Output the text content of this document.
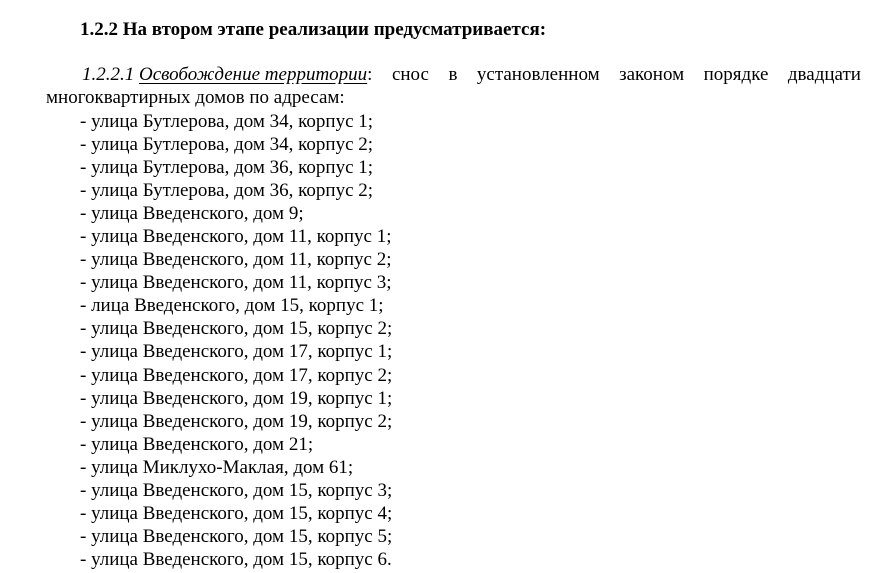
1.2.2 На втором этапе реализации предусматривается:
1.2.2.1 Освобождение территории: снос в установленном законом порядке двадцати
многоквартирных домов по адресам:
- улица Бутлерова, дом 34, корпус 1;
- улица Бутлерова, дом 34, корпус 2;
- улица Бутлерова, дом 36, корпус 1;
- улица Бутлерова, дом 36, корпус 2;
- улица Введенского, дом 9;
- улица Введенского, дом 11, корпус 1;
- улица Введенского, дом 11, корпус 2;
- улица Введенского, дом 11, корпус 3;
- лица Введенского, дом 15, корпус 1;
- улица Введенского, дом 15, корпус 2;
- улица Введенского, дом 17, корпус 1;
- улица Введенского, дом 17, корпус 2;
- улица Введенского, дом 19, корпус 1;
- улица Введенского, дом 19, корпус 2;
- улица Введенского, дом 21;
- улица Миклухо-Маклая, дом 61;
- улица Введенского, дом 15, корпус 3;
- улица Введенского, дом 15, корпус 4;
- улица Введенского, дом 15, корпус 5;
- улица Введенского, дом 15, корпус 6.
